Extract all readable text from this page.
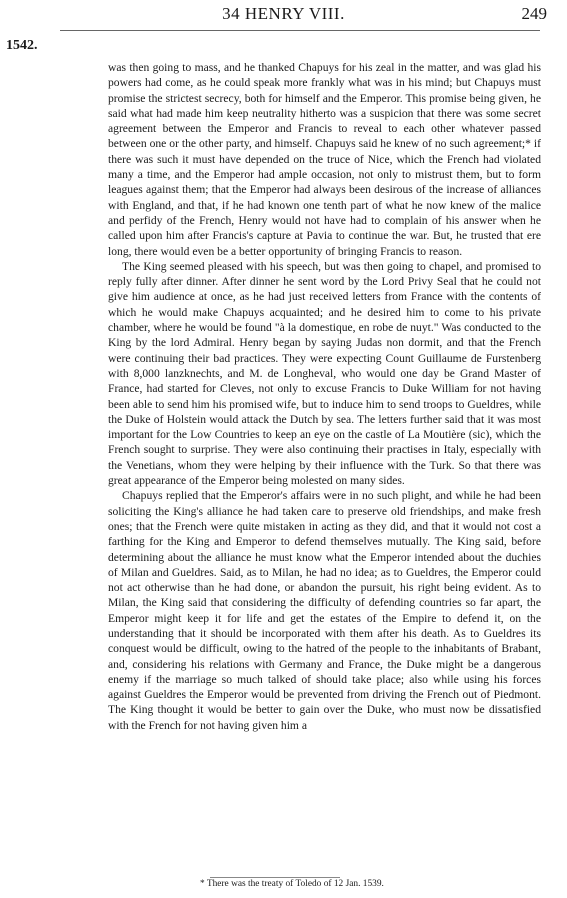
34 HENRY VIII.	249
1542.

was then going to mass, and he thanked Chapuys for his zeal in the matter, and was glad his powers had come, as he could speak more frankly what was in his mind; but Chapuys must promise the strictest secrecy, both for himself and the Emperor. This promise being given, he said what had made him keep neutrality hitherto was a suspicion that there was some secret agreement between the Emperor and Francis to reveal to each other whatever passed between one or the other party, and himself. Chapuys said he knew of no such agreement;* if there was such it must have depended on the truce of Nice, which the French had violated many a time, and the Emperor had ample occasion, not only to mistrust them, but to form leagues against them; that the Emperor had always been desirous of the increase of alliances with England, and that, if he had known one tenth part of what he now knew of the malice and perfidy of the French, Henry would not have had to complain of his answer when he called upon him after Francis's capture at Pavia to continue the war. But, he trusted that ere long, there would even be a better opportunity of bringing Francis to reason.

The King seemed pleased with his speech, but was then going to chapel, and promised to reply fully after dinner. After dinner he sent word by the Lord Privy Seal that he could not give him audience at once, as he had just received letters from France with the contents of which he would make Chapuys acquainted; and he desired him to come to his private chamber, where he would be found "à la domestique, en robe de nuyt." Was conducted to the King by the lord Admiral. Henry began by saying Judas non dormit, and that the French were continuing their bad practices. They were expecting Count Guillaume de Furstenberg with 8,000 lanzknechts, and M. de Longheval, who would one day be Grand Master of France, had started for Cleves, not only to excuse Francis to Duke William for not having been able to send him his promised wife, but to induce him to send troops to Gueldres, while the Duke of Holstein would attack the Dutch by sea. The letters further said that it was most important for the Low Countries to keep an eye on the castle of La Moutière (sic), which the French sought to surprise. They were also continuing their practises in Italy, especially with the Venetians, whom they were helping by their influence with the Turk. So that there was great appearance of the Emperor being molested on many sides.

Chapuys replied that the Emperor's affairs were in no such plight, and while he had been soliciting the King's alliance he had taken care to preserve old friendships, and make fresh ones; that the French were quite mistaken in acting as they did, and that it would not cost a farthing for the King and Emperor to defend themselves mutually. The King said, before determining about the alliance he must know what the Emperor intended about the duchies of Milan and Gueldres. Said, as to Milan, he had no idea; as to Gueldres, the Emperor could not act otherwise than he had done, or abandon the pursuit, his right being evident. As to Milan, the King said that considering the difficulty of defending countries so far apart, the Emperor might keep it for life and get the estates of the Empire to defend it, on the understanding that it should be incorporated with them after his death. As to Gueldres its conquest would be difficult, owing to the hatred of the people to the inhabitants of Brabant, and, considering his relations with Germany and France, the Duke might be a dangerous enemy if the marriage so much talked of should take place; also while using his forces against Gueldres the Emperor would be prevented from driving the French out of Piedmont. The King thought it would be better to gain over the Duke, who must now be dissatisfied with the French for not having given him a

* There was the treaty of Toledo of 12 Jan. 1539.
